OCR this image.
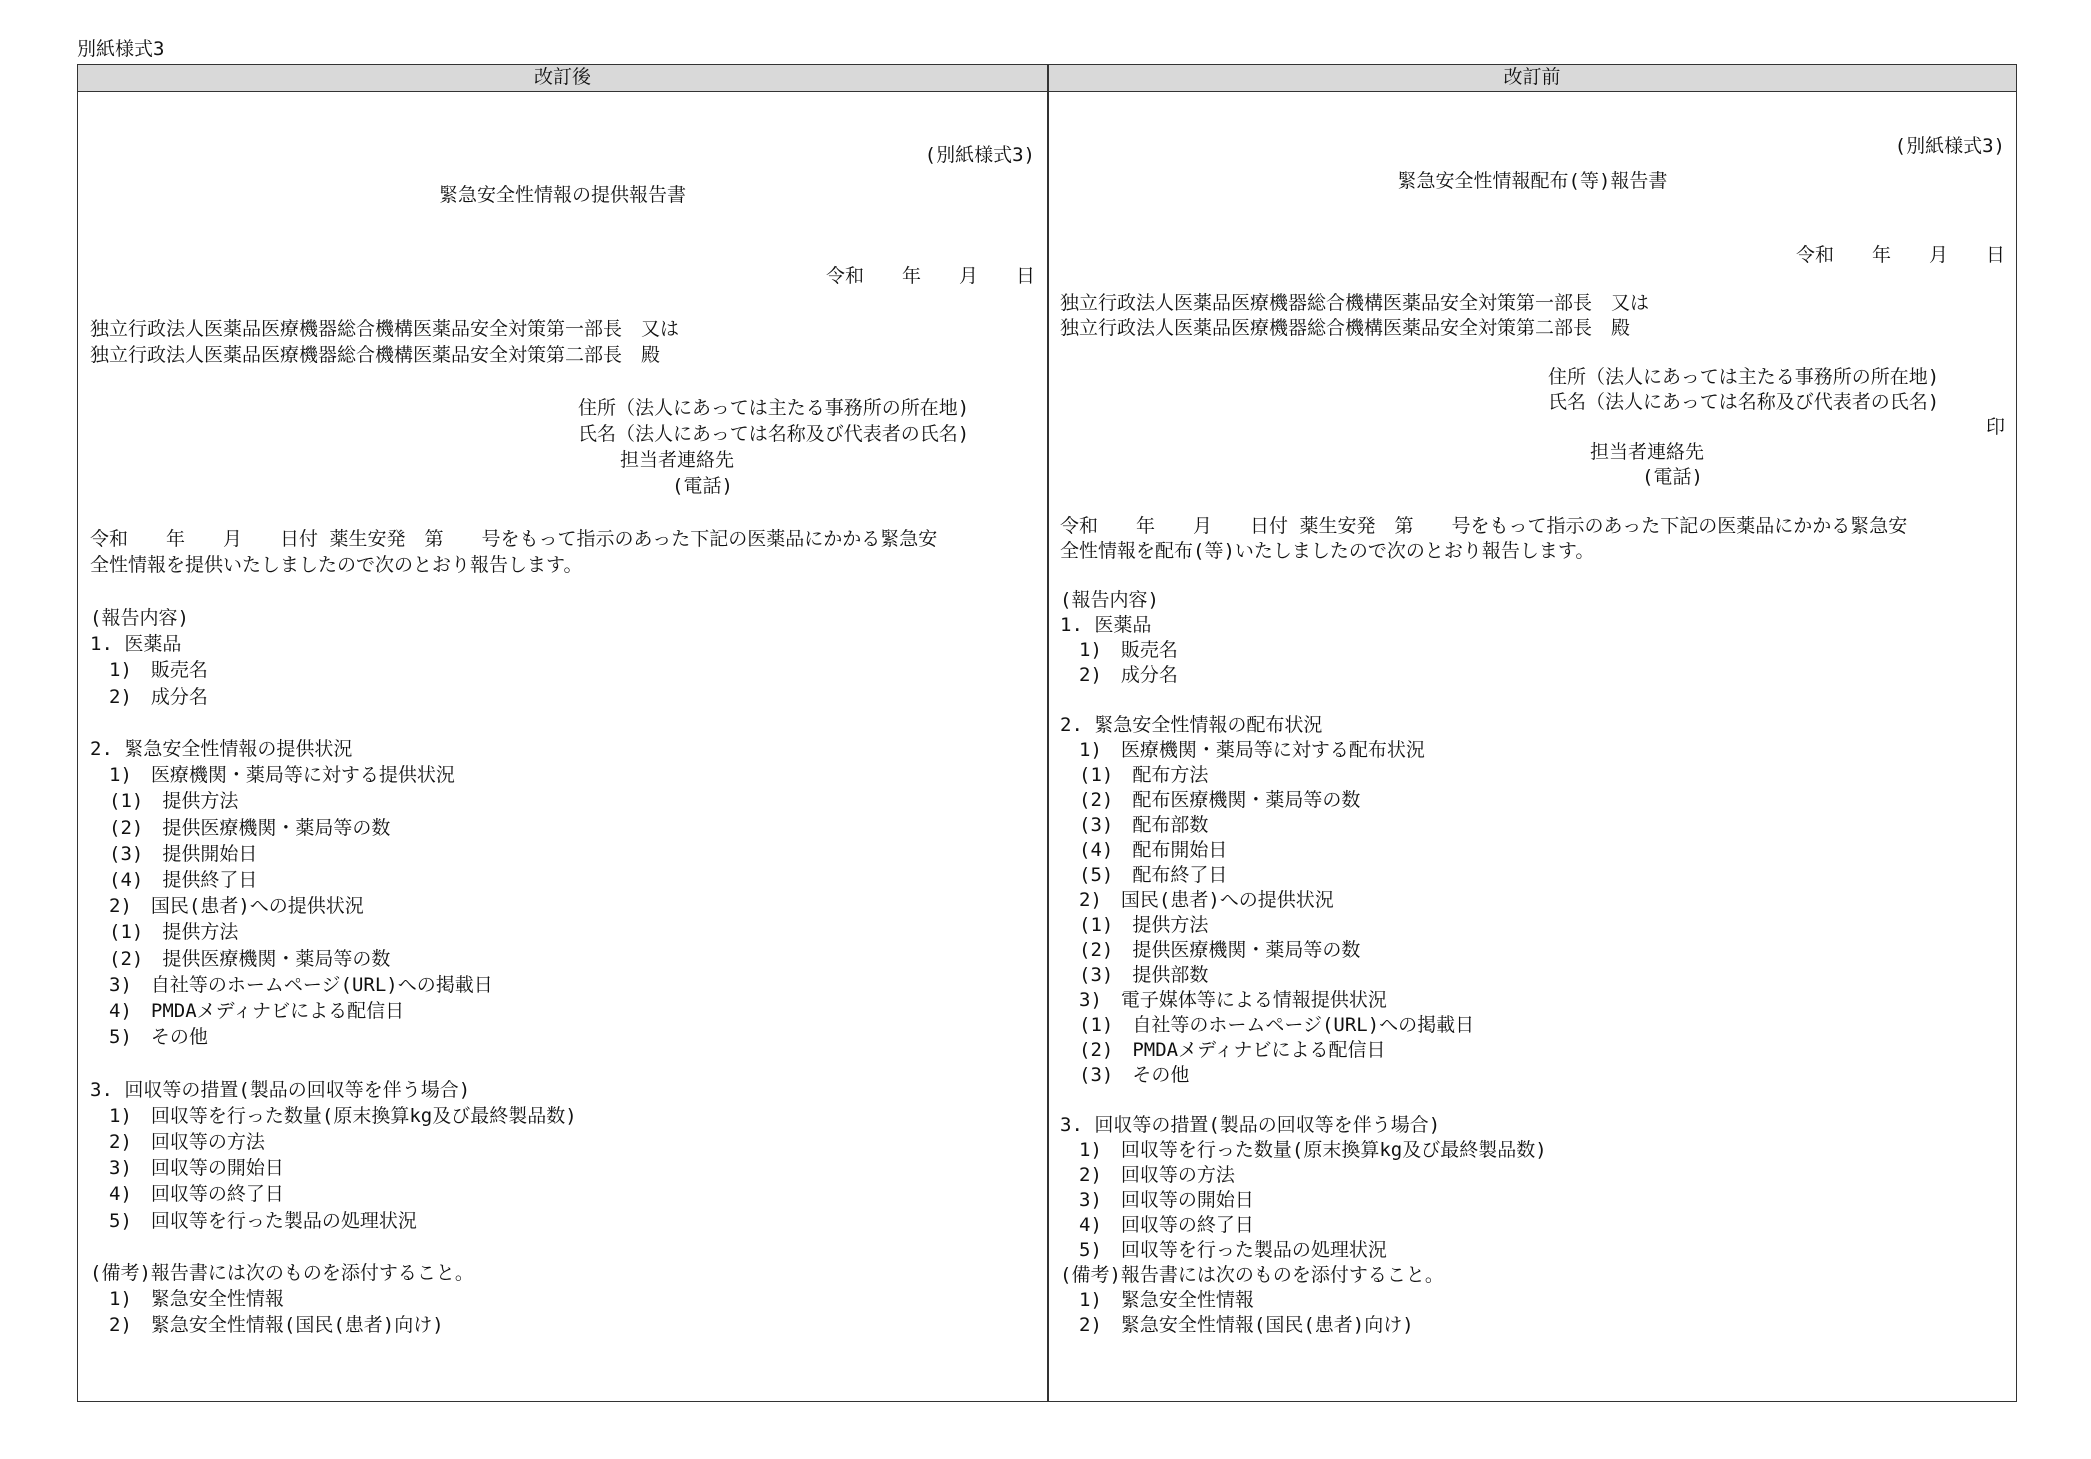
別紙様式3
改訂後	改訂前
(別紙様式3)
緊急安全性情報の提供報告書
令和　　年　　月　　日
独立行政法人医薬品医療機器総合機構医薬品安全対策第一部長　又は
独立行政法人医薬品医療機器総合機構医薬品安全対策第二部長　殿
住所（法人にあっては主たる事務所の所在地)
氏名（法人にあっては名称及び代表者の氏名)
担当者連絡先
(電話)
令和　　年　　月　　日付 薬生安発　第　　号をもって指示のあった下記の医薬品にかかる緊急安
全性情報を提供いたしましたので次のとおり報告します。
(報告内容)
1. 医薬品
　1)　販売名
　2)　成分名
2. 緊急安全性情報の提供状況
　1)　医療機関・薬局等に対する提供状況
　(1)　提供方法
　(2)　提供医療機関・薬局等の数
　(3)　提供開始日
　(4)　提供終了日
　2)　国民(患者)への提供状況
　(1)　提供方法
　(2)　提供医療機関・薬局等の数
　3)　自社等のホームページ(URL)への掲載日
　4)　PMDAメディナビによる配信日
　5)　その他
3. 回収等の措置(製品の回収等を伴う場合)
　1)　回収等を行った数量(原末換算kg及び最終製品数)
　2)　回収等の方法
　3)　回収等の開始日
　4)　回収等の終了日
　5)　回収等を行った製品の処理状況
(備考)報告書には次のものを添付すること。
　1)　緊急安全性情報
　2)　緊急安全性情報(国民(患者)向け)
(別紙様式3)
緊急安全性情報配布(等)報告書
令和　　年　　月　　日
独立行政法人医薬品医療機器総合機構医薬品安全対策第一部長　又は
独立行政法人医薬品医療機器総合機構医薬品安全対策第二部長　殿
住所（法人にあっては主たる事務所の所在地)
氏名（法人にあっては名称及び代表者の氏名)
印
担当者連絡先
(電話)
令和　　年　　月　　日付 薬生安発　第　　号をもって指示のあった下記の医薬品にかかる緊急安
全性情報を配布(等)いたしましたので次のとおり報告します。
(報告内容)
1. 医薬品
　1)　販売名
　2)　成分名
2. 緊急安全性情報の配布状況
　1)　医療機関・薬局等に対する配布状況
　(1)　配布方法
　(2)　配布医療機関・薬局等の数
　(3)　配布部数
　(4)　配布開始日
　(5)　配布終了日
　2)　国民(患者)への提供状況
　(1)　提供方法
　(2)　提供医療機関・薬局等の数
　(3)　提供部数
　3)　電子媒体等による情報提供状況
　(1)　自社等のホームページ(URL)への掲載日
　(2)　PMDAメディナビによる配信日
　(3)　その他
3. 回収等の措置(製品の回収等を伴う場合)
　1)　回収等を行った数量(原末換算kg及び最終製品数)
　2)　回収等の方法
　3)　回収等の開始日
　4)　回収等の終了日
　5)　回収等を行った製品の処理状況
(備考)報告書には次のものを添付すること。
　1)　緊急安全性情報
　2)　緊急安全性情報(国民(患者)向け)
